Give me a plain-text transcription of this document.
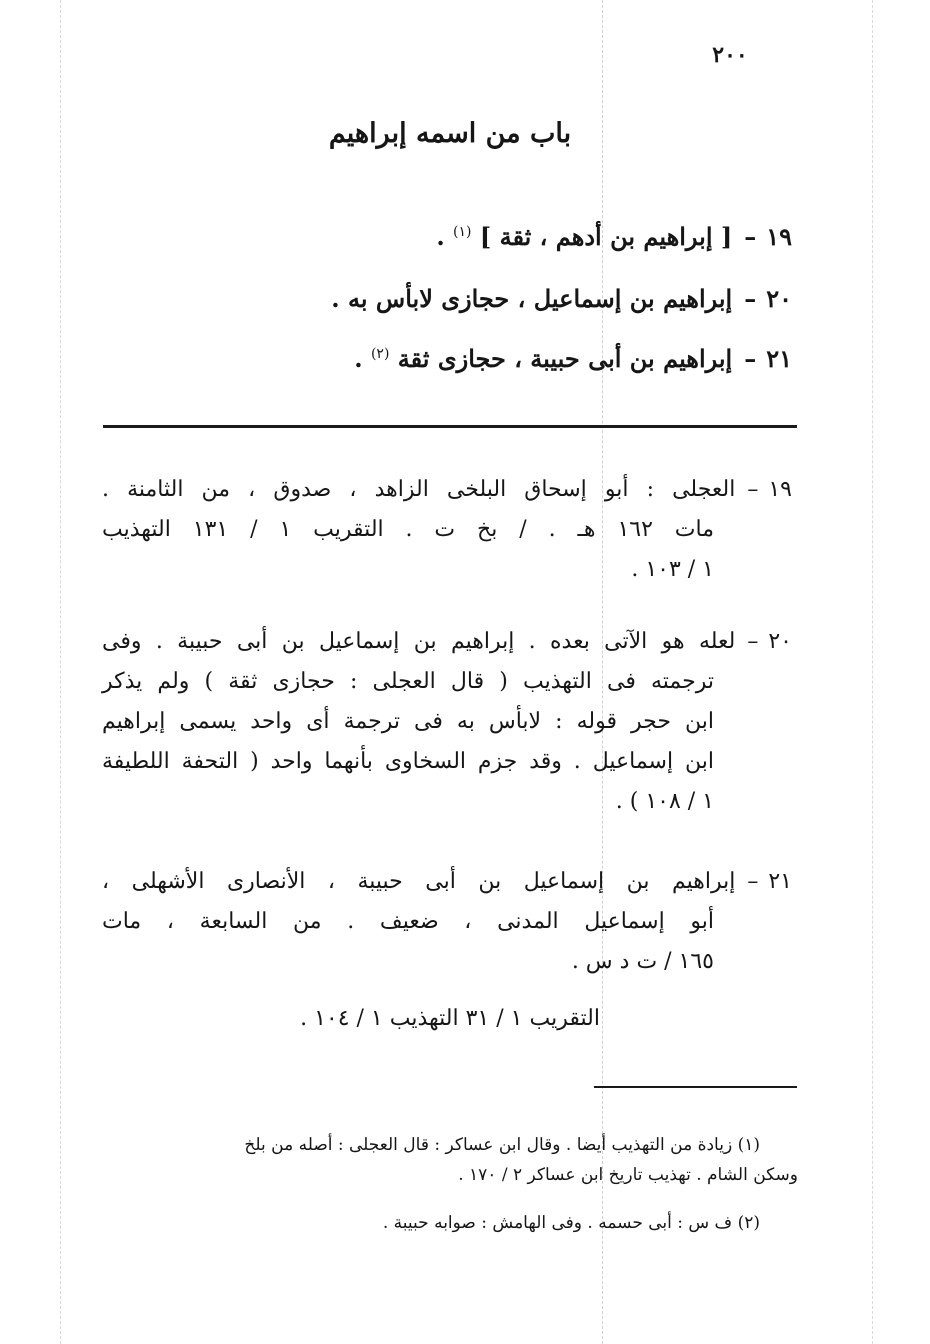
٢٠٠
باب من اسمه إبراهيم
١٩–[ إبراهيم بن أدهم ، ثقة ] $^{(١)}$ .
٢٠–إبراهيم بن إسماعيل ، حجازى لابأس به .
٢١–إبراهيم بن أبى حبيبة ، حجازى ثقة $^{(٢)}$ .
١٩–العجلى : أبو إسحاق البلخى الزاهد ، صدوق ، من الثامنة .
مات ١٦٢ هـ . / بخ ت . التقريب ١ / ١٣١ التهذيب
١ / ١٠٣ .
٢٠–لعله هو الآتى بعده . إبراهيم بن إسماعيل بن أبى حبيبة . وفى
ترجمته فى التهذيب ( قال العجلى : حجازى ثقة ) ولم يذكر
ابن حجر قوله : لابأس به فى ترجمة أى واحد يسمى إبراهيم
ابن إسماعيل . وقد جزم السخاوى بأنهما واحد ( التحفة اللطيفة
١ / ١٠٨ ) .
٢١–إبراهيم بن إسماعيل بن أبى حبيبة ، الأنصارى الأشهلى ،
أبو إسماعيل المدنى ، ضعيف . من السابعة ، مات
١٦٥ / ت د س .
التقريب ١ / ٣١ التهذيب ١ / ١٠٤ .
(١) زيادة من التهذيب أيضا . وقال ابن عساكر : قال العجلى : أصله من بلخ
وسكن الشام . تهذيب تاريخ ابن عساكر ٢ / ١٧٠ .
(٢) ف س : أبى حسمه . وفى الهامش : صوابه حبيبة .
